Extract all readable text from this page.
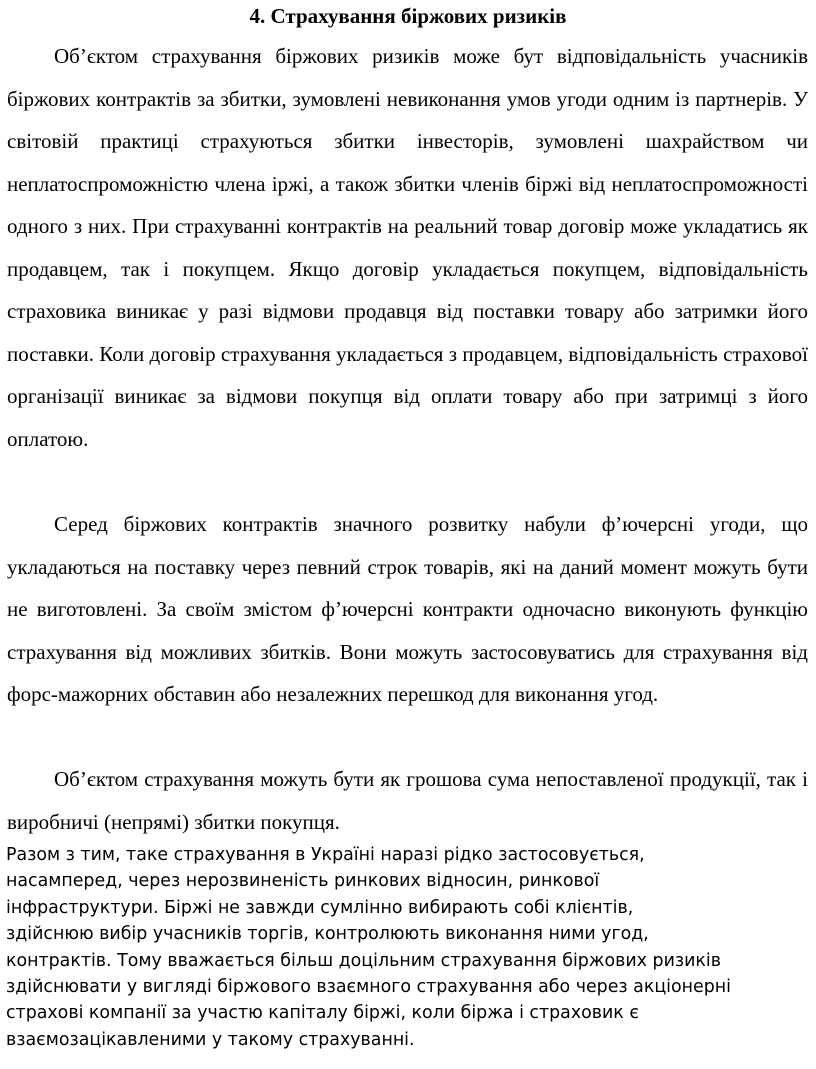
4. Страхування біржових ризиків

Об’єктом страхування біржових ризиків може бут відповідальність учасників біржових контрактів за збитки, зумовлені невиконання умов угоди одним із партнерів. У світовій практиці страхуються збитки інвесторів, зумовлені шахрайством чи неплатоспроможністю члена іржі, а також збитки членів біржі від неплатоспроможності одного з них. При страхуванні контрактів на реальний товар договір може укладатись як продавцем, так і покупцем. Якщо договір укладається покупцем, відповідальність страховика виникає у разі відмови продавця від поставки товару або затримки його поставки. Коли договір страхування укладається з продавцем, відповідальність страхової організації виникає за відмови покупця від оплати товару або при затримці з його оплатою.

Серед біржових контрактів значного розвитку набули ф’ючерсні угоди, що укладаються на поставку через певний строк товарів, які на даний момент можуть бути не виготовлені. За своїм змістом ф’ючерсні контракти одночасно виконують функцію страхування від можливих збитків. Вони можуть застосовуватись для страхування від форс-мажорних обставин або незалежних перешкод для виконання угод.

Об’єктом страхування можуть бути як грошова сума непоставленої продукції, так і виробничі (непрямі) збитки покупця.

Разом з тим, таке страхування в Україні наразі рідко застосовується,
насамперед, через нерозвиненість ринкових відносин, ринкової
інфраструктури. Біржі не завжди сумлінно вибирають собі клієнтів,
здійснюю вибір учасників торгів, контролюють виконання ними угод,
контрактів. Тому вважається більш доцільним страхування біржових ризиків
здійснювати у вигляді біржового взаємного страхування або через акціонерні
страхові компанії за участю капіталу біржі, коли біржа і страховик є
взаємозацікавленими у такому страхуванні.
